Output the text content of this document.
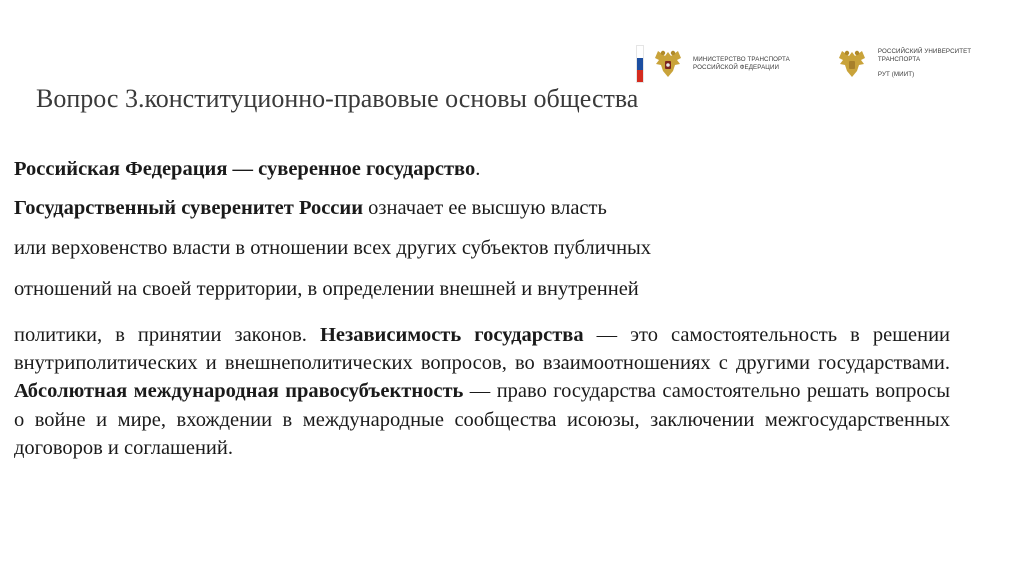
МИНИСТЕРСТВО ТРАНСПОРТА
РОССИЙСКОЙ ФЕДЕРАЦИИ

РОССИЙСКИЙ УНИВЕРСИТЕТ
ТРАНСПОРТА

РУТ (МИИТ)

Вопрос 3.конституционно-правовые основы общества
Российская Федерация — суверенное государство.
Государственный суверенитет России означает ее высшую власть
или верховенство власти в отношении всех других субъектов публичных
отношений на своей территории, в определении внешней и внутренней
политики, в принятии законов. Независимость государства — это самостоятельность в решении внутриполитических и внешнеполитических вопросов, во взаимоотношениях с другими государствами. Абсолютная международная правосубъектность — право государства самостоятельно решать вопросы о войне и мире, вхождении в международные сообщества исоюзы, заключении межгосударственных договоров и соглашений.
